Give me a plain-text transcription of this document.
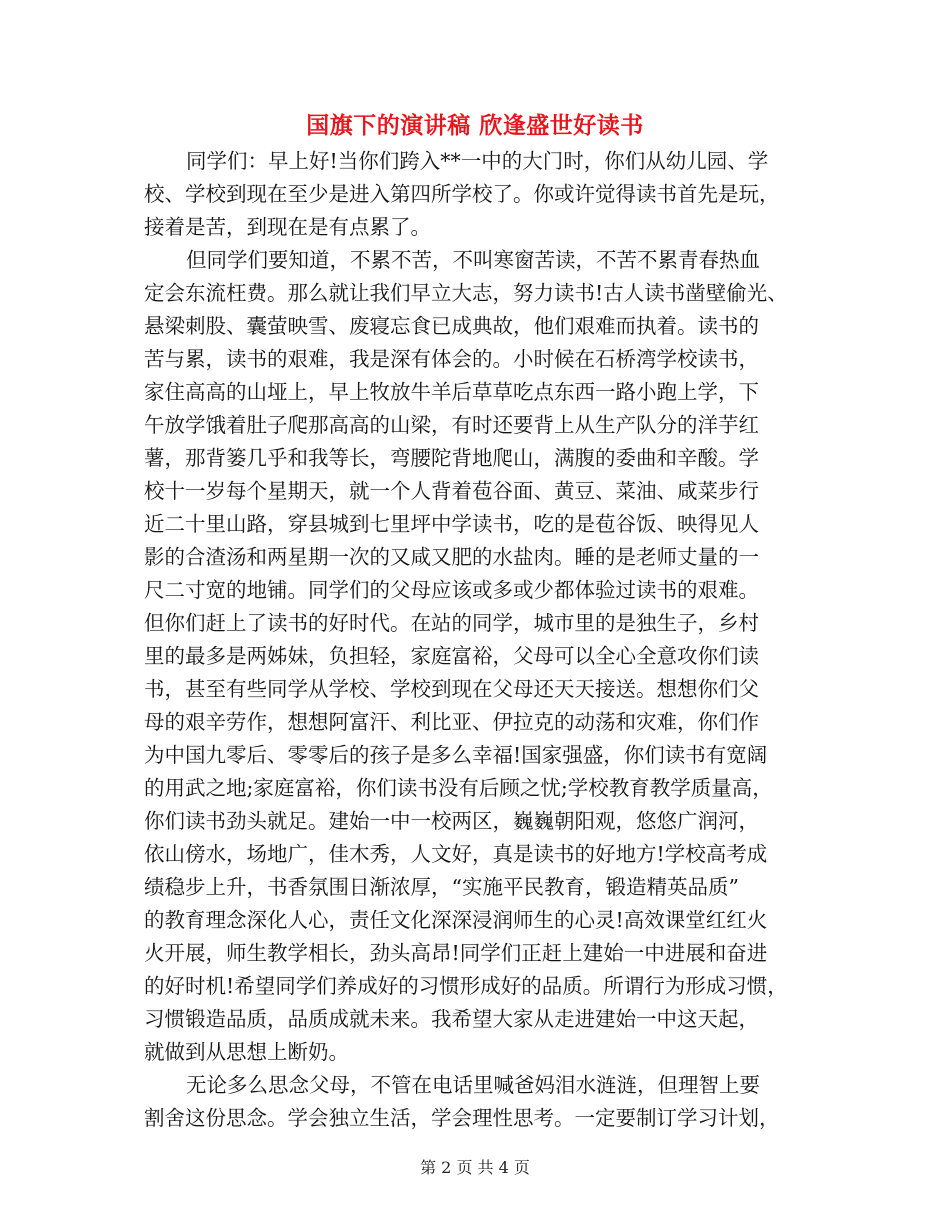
国旗下的演讲稿 欣逢盛世好读书
同学们：早上好!当你们跨入**一中的大门时，你们从幼儿园、学
校、学校到现在至少是进入第四所学校了。你或许觉得读书首先是玩，
接着是苦，到现在是有点累了。
但同学们要知道，不累不苦，不叫寒窗苦读，不苦不累青春热血
定会东流枉费。那么就让我们早立大志，努力读书!古人读书凿壁偷光、
悬梁刺股、囊萤映雪、废寝忘食已成典故，他们艰难而执着。读书的
苦与累，读书的艰难，我是深有体会的。小时候在石桥湾学校读书，
家住高高的山垭上，早上牧放牛羊后草草吃点东西一路小跑上学，下
午放学饿着肚子爬那高高的山梁，有时还要背上从生产队分的洋芋红
薯，那背篓几乎和我等长，弯腰陀背地爬山，满腹的委曲和辛酸。学
校十一岁每个星期天，就一个人背着苞谷面、黄豆、菜油、咸菜步行
近二十里山路，穿县城到七里坪中学读书，吃的是苞谷饭、映得见人
影的合渣汤和两星期一次的又咸又肥的水盐肉。睡的是老师丈量的一
尺二寸宽的地铺。同学们的父母应该或多或少都体验过读书的艰难。
但你们赶上了读书的好时代。在站的同学，城市里的是独生子，乡村
里的最多是两姊妹，负担轻，家庭富裕，父母可以全心全意攻你们读
书，甚至有些同学从学校、学校到现在父母还天天接送。想想你们父
母的艰辛劳作，想想阿富汗、利比亚、伊拉克的动荡和灾难，你们作
为中国九零后、零零后的孩子是多么幸福!国家强盛，你们读书有宽阔
的用武之地;家庭富裕，你们读书没有后顾之忧;学校教育教学质量高，
你们读书劲头就足。建始一中一校两区，巍巍朝阳观，悠悠广润河，
依山傍水，场地广，佳木秀，人文好，真是读书的好地方!学校高考成
绩稳步上升，书香氛围日渐浓厚，“实施平民教育，锻造精英品质”
的教育理念深化人心，责任文化深深浸润师生的心灵!高效课堂红红火
火开展，师生教学相长，劲头高昂!同学们正赶上建始一中进展和奋进
的好时机!希望同学们养成好的习惯形成好的品质。所谓行为形成习惯，
习惯锻造品质，品质成就未来。我希望大家从走进建始一中这天起，
就做到从思想上断奶。
无论多么思念父母，不管在电话里喊爸妈泪水涟涟，但理智上要
割舍这份思念。学会独立生活，学会理性思考。一定要制订学习计划，
第 2 页 共 4 页
